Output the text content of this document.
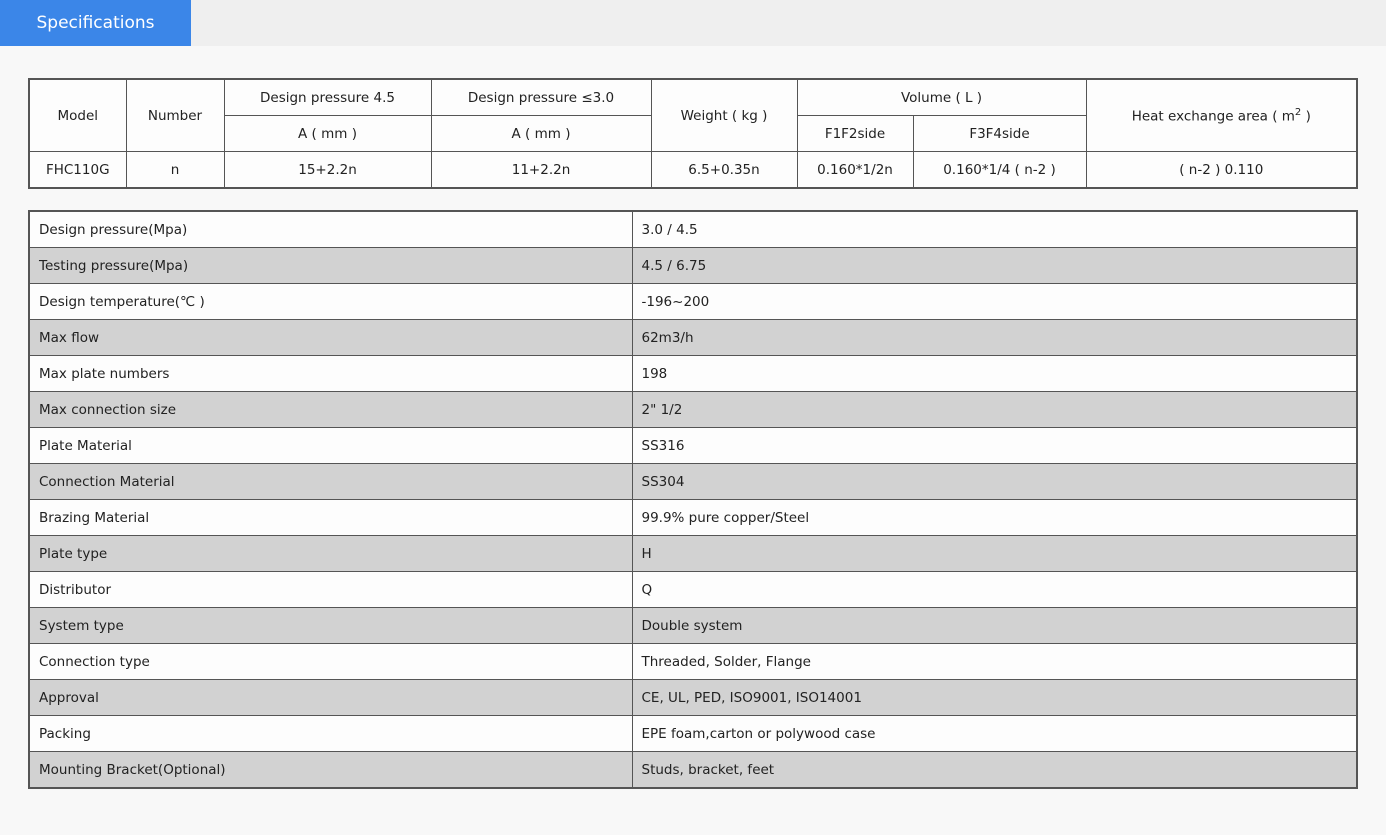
Specifications
Model	Number	Design pressure 4.5	Design pressure ≤3.0	Weight ( kg )	Volume ( L )		Heat exchange area ( $m^2$ )
		A ( mm )	A ( mm )		F1F2side	F3F4side	
FHC110G	n	15+2.2n	11+2.2n	6.5+0.35n	0.160*1/2n	0.160*1/4 ( n-2 )	( n-2 ) 0.110
Design pressure(Mpa)	3.0 / 4.5
Testing pressure(Mpa)	4.5 / 6.75
Design temperature(℃ )	-196~200
Max flow	62m3/h
Max plate numbers	198
Max connection size	2" 1/2
Plate Material	SS316
Connection Material	SS304
Brazing Material	99.9% pure copper/Steel
Plate type	H
Distributor	Q
System type	Double system
Connection type	Threaded, Solder, Flange
Approval	CE, UL, PED, ISO9001, ISO14001
Packing	EPE foam,carton or polywood case
Mounting Bracket(Optional)	Studs, bracket, feet
